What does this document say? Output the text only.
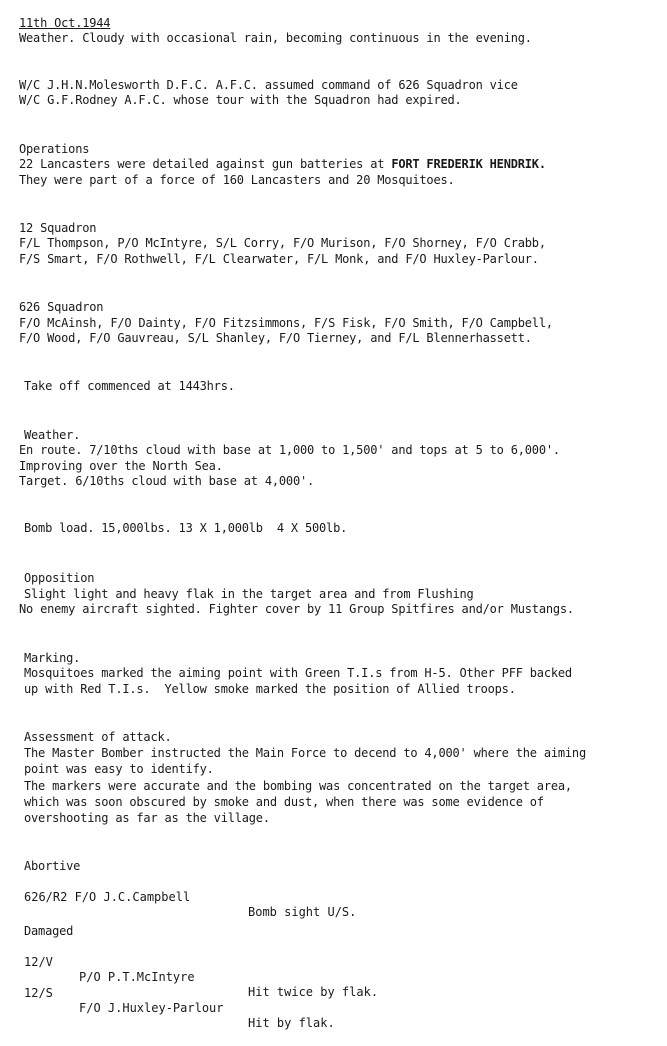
11th Oct.1944
Weather. Cloudy with occasional rain, becoming continuous in the evening.
W/C J.H.N.Molesworth D.F.C. A.F.C. assumed command of 626 Squadron vice
W/C G.F.Rodney A.F.C. whose tour with the Squadron had expired.
Operations
22 Lancasters were detailed against gun batteries at FORT FREDERIK HENDRIK.
They were part of a force of 160 Lancasters and 20 Mosquitoes.
12 Squadron
F/L Thompson, P/O McIntyre, S/L Corry, F/O Murison, F/O Shorney, F/O Crabb,
F/S Smart, F/O Rothwell, F/L Clearwater, F/L Monk, and F/O Huxley-Parlour.
626 Squadron
F/O McAinsh, F/O Dainty, F/O Fitzsimmons, F/S Fisk, F/O Smith, F/O Campbell,
F/O Wood, F/O Gauvreau, S/L Shanley, F/O Tierney, and F/L Blennerhassett.
Take off commenced at 1443hrs.
Weather.
En route. 7/10ths cloud with base at 1,000 to 1,500' and tops at 5 to 6,000'.
Improving over the North Sea.
Target. 6/10ths cloud with base at 4,000'.
Bomb load. 15,000lbs. 13 X 1,000lb  4 X 500lb.
Opposition
Slight light and heavy flak in the target area and from Flushing
No enemy aircraft sighted. Fighter cover by 11 Group Spitfires and/or Mustangs.
Marking.
Mosquitoes marked the aiming point with Green T.I.s from H-5. Other PFF backed
up with Red T.I.s.  Yellow smoke marked the position of Allied troops.
Assessment of attack.
The Master Bomber instructed the Main Force to decend to 4,000' where the aiming
point was easy to identify.
The markers were accurate and the bombing was concentrated on the target area,
which was soon obscured by smoke and dust, when there was some evidence of
overshooting as far as the village.
Abortive

626/R2 F/O J.C.Campbell

Bomb sight U/S.

Damaged

12/V

P/O P.T.McIntyre

Hit twice by flak.

12/S

F/O J.Huxley-Parlour

Hit by flak.
